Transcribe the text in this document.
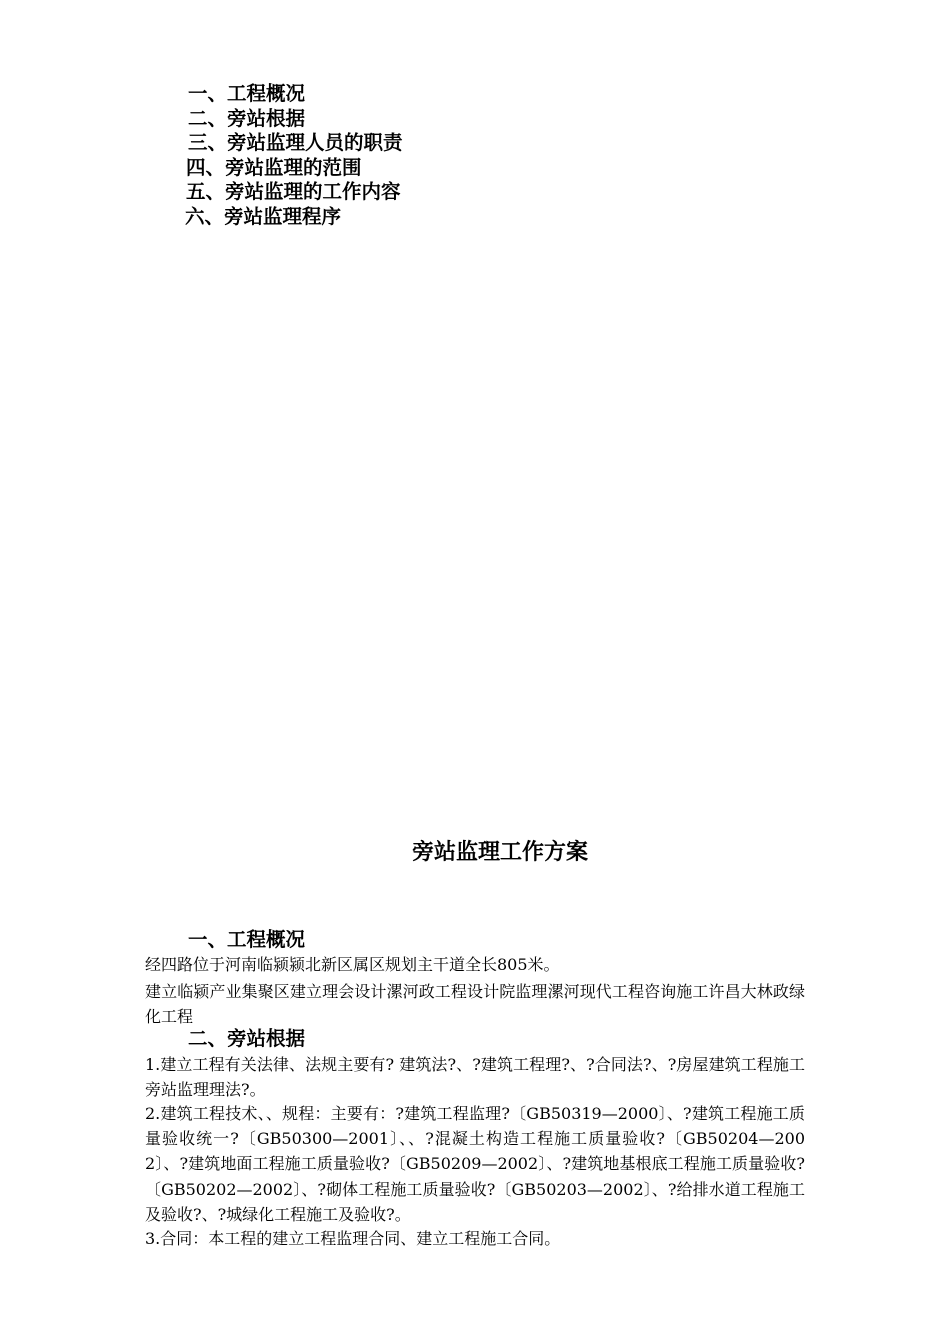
一、工程概况
二、旁站根据
三、旁站监理人员的职责
四、旁站监理的范围
五、旁站监理的工作内容
六、旁站监理程序
旁站监理工作方案
一、工程概况
经四路位于河南临颍颍北新区属区规划主干道全长805米。
建立临颍产业集聚区建立理会设计漯河政工程设计院监理漯河现代工程咨询施工许昌大林政绿化工程
二、旁站根据
1.建立工程有关法律、法规主要有? 建筑法?、?建筑工程理?、?合同法?、?房屋建筑工程施工旁站监理理法?。
2.建筑工程技术、、规程：主要有：?建筑工程监理?〔GB50319—2000〕、?建筑工程施工质量验收统一?〔GB50300—2001〕、、?混凝土构造工程施工质量验收?〔GB50204—2002〕、?建筑地面工程施工质量验收?〔GB50209—2002〕、?建筑地基根底工程施工质量验收?〔GB50202—2002〕、?砌体工程施工质量验收?〔GB50203—2002〕、?给排水道工程施工及验收?、?城绿化工程施工及验收?。
3.合同：本工程的建立工程监理合同、建立工程施工合同。
